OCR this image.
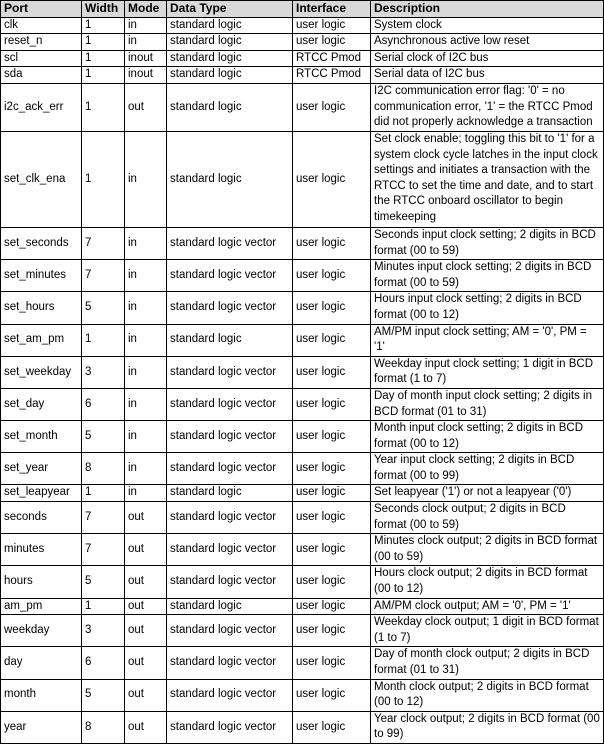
Port	Width	Mode	Data Type	Interface	Description
clk	1	in	standard logic	user logic	System clock
reset_n	1	in	standard logic	user logic	Asynchronous active low reset
scl	1	inout	standard logic	RTCC Pmod	Serial clock of I2C bus
sda	1	inout	standard logic	RTCC Pmod	Serial data of I2C bus
i2c_ack_err	1	out	standard logic	user logic	I2C communication error flag: '0' = no communication error, '1' = the RTCC Pmod did not properly acknowledge a transaction
set_clk_ena	1	in	standard logic	user logic	Set clock enable; toggling this bit to '1' for a system clock cycle latches in the input clock settings and initiates a transaction with the RTCC to set the time and date, and to start the RTCC onboard oscillator to begin timekeeping
set_seconds	7	in	standard logic vector	user logic	Seconds input clock setting; 2 digits in BCD format (00 to 59)
set_minutes	7	in	standard logic vector	user logic	Minutes input clock setting; 2 digits in BCD format (00 to 59)
set_hours	5	in	standard logic vector	user logic	Hours input clock setting; 2 digits in BCD format (00 to 12)
set_am_pm	1	in	standard logic	user logic	AM/PM input clock setting; AM = '0', PM = '1'
set_weekday	3	in	standard logic vector	user logic	Weekday input clock setting; 1 digit in BCD format (1 to 7)
set_day	6	in	standard logic vector	user logic	Day of month input clock setting; 2 digits in BCD format (01 to 31)
set_month	5	in	standard logic vector	user logic	Month input clock setting; 2 digits in BCD format (00 to 12)
set_year	8	in	standard logic vector	user logic	Year input clock setting; 2 digits in BCD format (00 to 99)
set_leapyear	1	in	standard logic	user logic	Set leapyear ('1') or not a leapyear ('0')
seconds	7	out	standard logic vector	user logic	Seconds clock output; 2 digits in BCD format (00 to 59)
minutes	7	out	standard logic vector	user logic	Minutes clock output; 2 digits in BCD format (00 to 59)
hours	5	out	standard logic vector	user logic	Hours clock output; 2 digits in BCD format (00 to 12)
am_pm	1	out	standard logic	user logic	AM/PM clock output; AM = '0', PM = '1'
weekday	3	out	standard logic vector	user logic	Weekday clock output; 1 digit in BCD format (1 to 7)
day	6	out	standard logic vector	user logic	Day of month clock output; 2 digits in BCD format (01 to 31)
month	5	out	standard logic vector	user logic	Month clock output; 2 digits in BCD format (00 to 12)
year	8	out	standard logic vector	user logic	Year clock output; 2 digits in BCD format (00 to 99)
